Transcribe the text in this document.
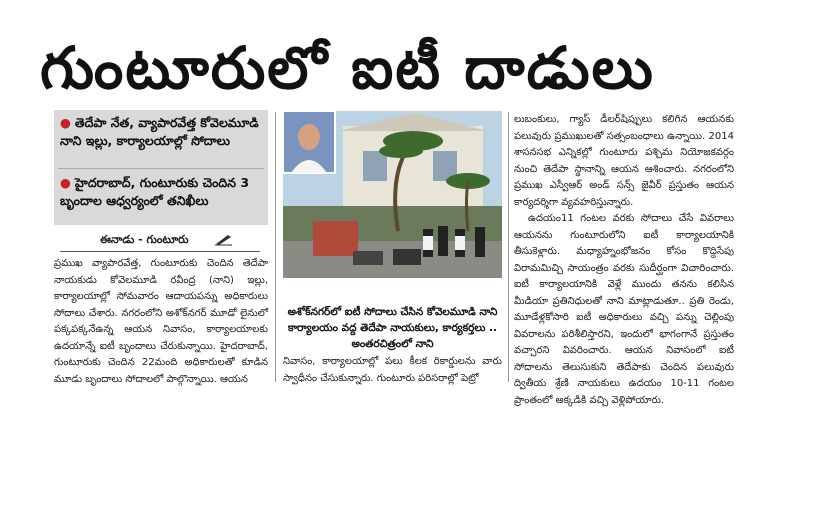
గుంటూరులో ఐటీ దాడులు
● తెదేపా నేత, వ్యాపారవేత్త కోవెలమూడి నాని ఇల్లు, కార్యాలయాల్లో సోదాలు
● హైదరాబాద్, గుంటూరుకు చెందిన 3 బృందాల ఆధ్వర్యంలో తనిఖీలు
ఈనాడు - గుంటూరు

ప్రముఖ వ్యాపారవేత్త, గుంటూరుకు చెందిన తెదేపా నాయకుడు కోవెలమూడి రవీంద్ర (నాని) ఇల్లు, కార్యాలయాల్లో సోమవారం ఆదాయపన్ను అధికారులు సోదాలు చేశారు. నగరంలోని అశోక్‌నగర్ మూడో లైనులో పక్కపక్కనేఉన్న ఆయన నివాసం, కార్యాలయాలకు ఉదయాన్నే ఐటీ బృందాలు చేరుకున్నాయి. హైదరాబాద్, గుంటూరుకు చెందిన 22మంది అధికారులతో కూడిన మూడు బృందాలు సోదాలలో పాల్గొన్నాయి. ఆయన

అశోక్‌నగర్‌లో ఐటీ సోదాలు చేసిన కోవెలమూడి నాని కార్యాలయం వద్ద తెదేపా నాయకులు, కార్యకర్తలు .. అంతరచిత్రంలో నాని

నివాసం, కార్యాలయాల్లో పలు కీలక రికార్డులను వారు స్వాధీనం చేసుకున్నారు. గుంటూరు పరిసరాల్లో పెట్రో

లుబంకులు, గ్యాస్ డీలర్‌షిప్పులు కలిగిన ఆయనకు పలువురు ప్రముఖులతో సత్సంబంధాలు ఉన్నాయి. 2014 శాసనసభ ఎన్నికల్లో గుంటూరు పశ్చిమ నియోజకవర్గం నుంచి తెదేపా స్థానాన్ని ఆయన ఆశించారు. నగరంలోని ప్రముఖ ఎస్వీఆర్ అండ్ సన్స్ జైవీర్ ప్రస్తుతం ఆయన కార్యదర్శిగా వ్యవహరిస్తున్నారు.

ఉదయం11 గంటల వరకు సోదాలు చేసే వివరాలు ఆయనను గుంటూరులోని ఐటీ కార్యాలయానికి తీసుకెళ్లారు. మధ్యాహ్నంభోజనం కోసం కొద్దిసేపు విరామమిచ్చి సాయంత్రం వరకు సుదీర్ఘంగా విచారించారు. ఐటీ కార్యాలయానికి వెళ్లే ముందు తనను కలిసిన మీడియా ప్రతినిధులతో నాని మాట్లాడుతూ.. ప్రతి రెండు, మూడేళ్లకోసారి ఐటీ అధికారులు వచ్చి పన్ను చెల్లింపు వివరాలను పరిశీలిస్తారని, ఇందులో భాగంగానే ప్రస్తుతం వచ్చారని వివరించారు. ఆయన నివాసంలో ఐటీ సోదాలను తెలుసుకుని తెదేపాకు చెందిన పలువురు ద్వితీయ శ్రేణి నాయకులు ఉదయం 10-11 గంటల ప్రాంతంలో అక్కడికి వచ్చి వెళ్లిపోయారు.
